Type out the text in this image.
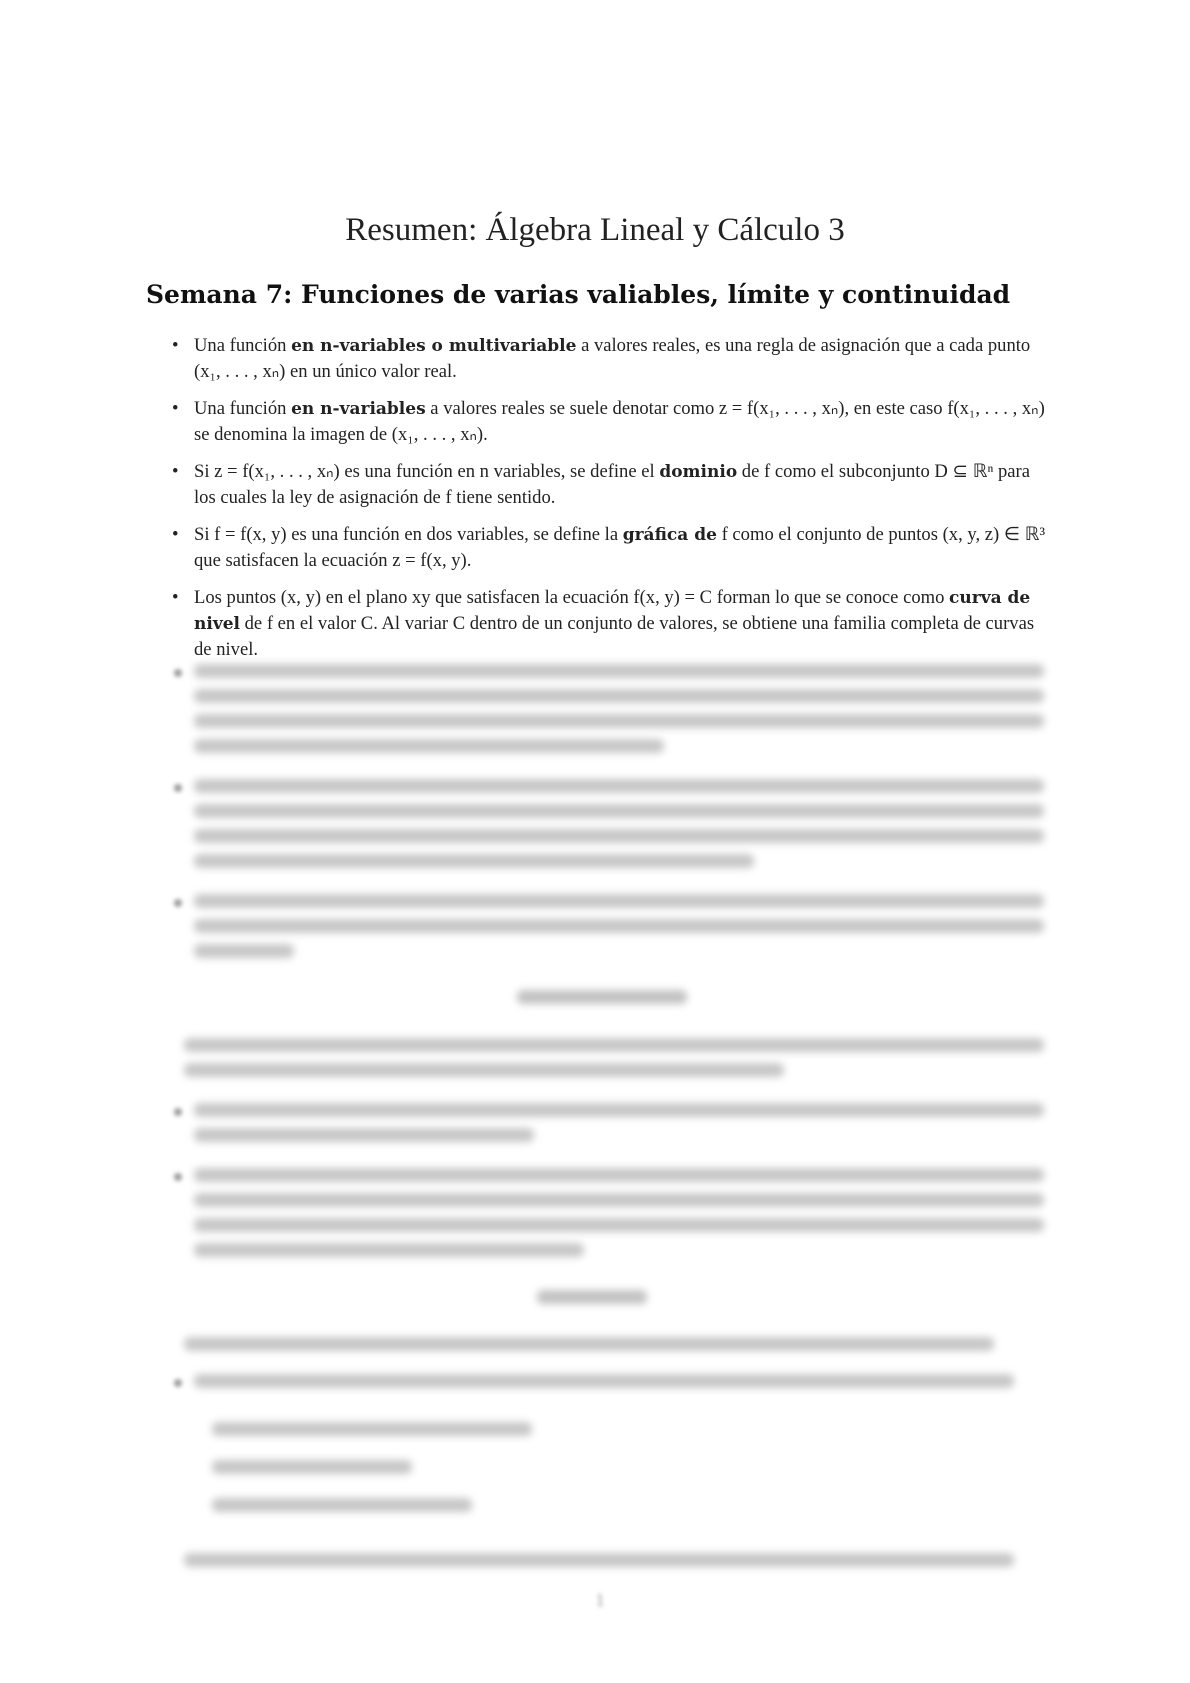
Resumen: Álgebra Lineal y Cálculo 3
Semana 7: Funciones de varias valiables, límite y continuidad
• Una función en n-variables o multivariable a valores reales, es una regla de asignación que a cada punto (x₁, . . . , xₙ) en un único valor real.
• Una función en n-variables a valores reales se suele denotar como z = f(x₁, . . . , xₙ), en este caso f(x₁, . . . , xₙ) se denomina la imagen de (x₁, . . . , xₙ).
• Si z = f(x₁, . . . , xₙ) es una función en n variables, se define el dominio de f como el subconjunto D ⊆ ℝⁿ para los cuales la ley de asignación de f tiene sentido.
• Si f = f(x, y) es una función en dos variables, se define la gráfica de f como el conjunto de puntos (x, y, z) ∈ ℝ³ que satisfacen la ecuación z = f(x, y).
• Los puntos (x, y) en el plano xy que satisfacen la ecuación f(x, y) = C forman lo que se conoce como curva de nivel de f en el valor C. Al variar C dentro de un conjunto de valores, se obtiene una familia completa de curvas de nivel.
1
